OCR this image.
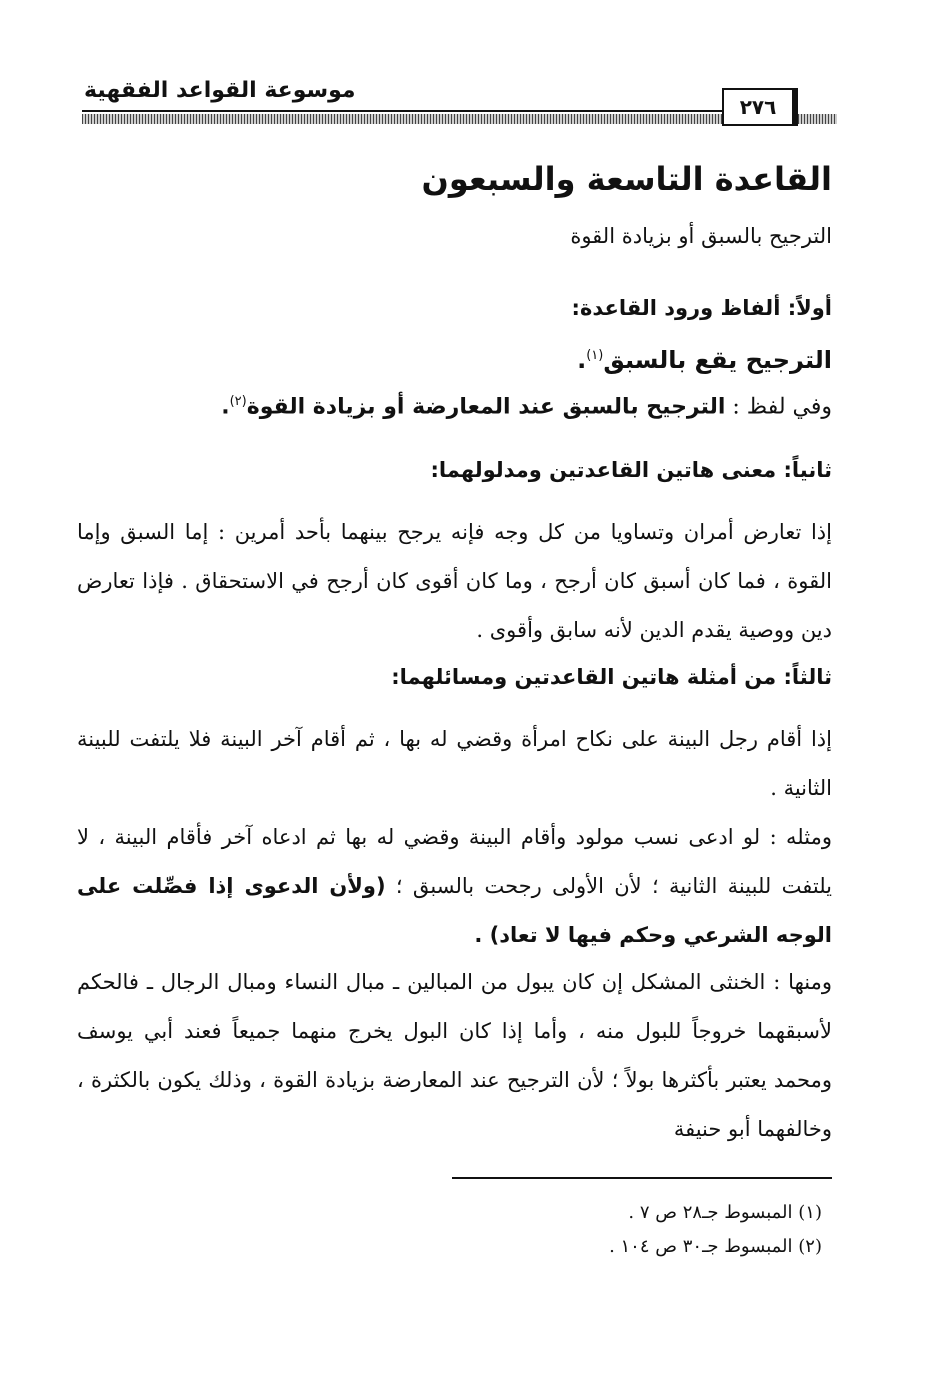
موسوعة القواعد الفقهية
٢٧٦
القاعدة التاسعة والسبعون
الترجيح بالسبق أو بزيادة القوة
أولاً: ألفاظ ورود القاعدة:
الترجيح يقع بالسبق$^{(١)}$.
وفي لفظ : الترجيح بالسبق عند المعارضة أو بزيادة القوة$^{(٢)}$.
ثانياً: معنى هاتين القاعدتين ومدلولهما:
إذا تعارض أمران وتساويا من كل وجه فإنه يرجح بينهما بأحد أمرين : إما السبق وإما القوة ، فما كان أسبق كان أرجح ، وما كان أقوى كان أرجح في الاستحقاق . فإذا تعارض دين ووصية يقدم الدين لأنه سابق وأقوى .
ثالثاً: من أمثلة هاتين القاعدتين ومسائلهما:
إذا أقام رجل البينة على نكاح امرأة وقضي له بها ، ثم أقام آخر البينة فلا يلتفت للبينة الثانية .
ومثله : لو ادعى نسب مولود وأقام البينة وقضي له بها ثم ادعاه آخر فأقام البينة ، لا يلتفت للبينة الثانية ؛ لأن الأولى رجحت بالسبق ؛ (ولأن الدعوى إذا فصِّلت على الوجه الشرعي وحكم فيها لا تعاد) .
ومنها : الخنثى المشكل إن كان يبول من المبالين ـ مبال النساء ومبال الرجال ـ فالحكم لأسبقهما خروجاً للبول منه ، وأما إذا كان البول يخرج منهما جميعاً فعند أبي يوسف ومحمد يعتبر بأكثرها بولاً ؛ لأن الترجيح عند المعارضة بزيادة القوة ، وذلك يكون بالكثرة ، وخالفهما أبو حنيفة
(١) المبسوط جـ٢٨ ص ٧ .
(٢) المبسوط جـ٣٠ ص ١٠٤ .
